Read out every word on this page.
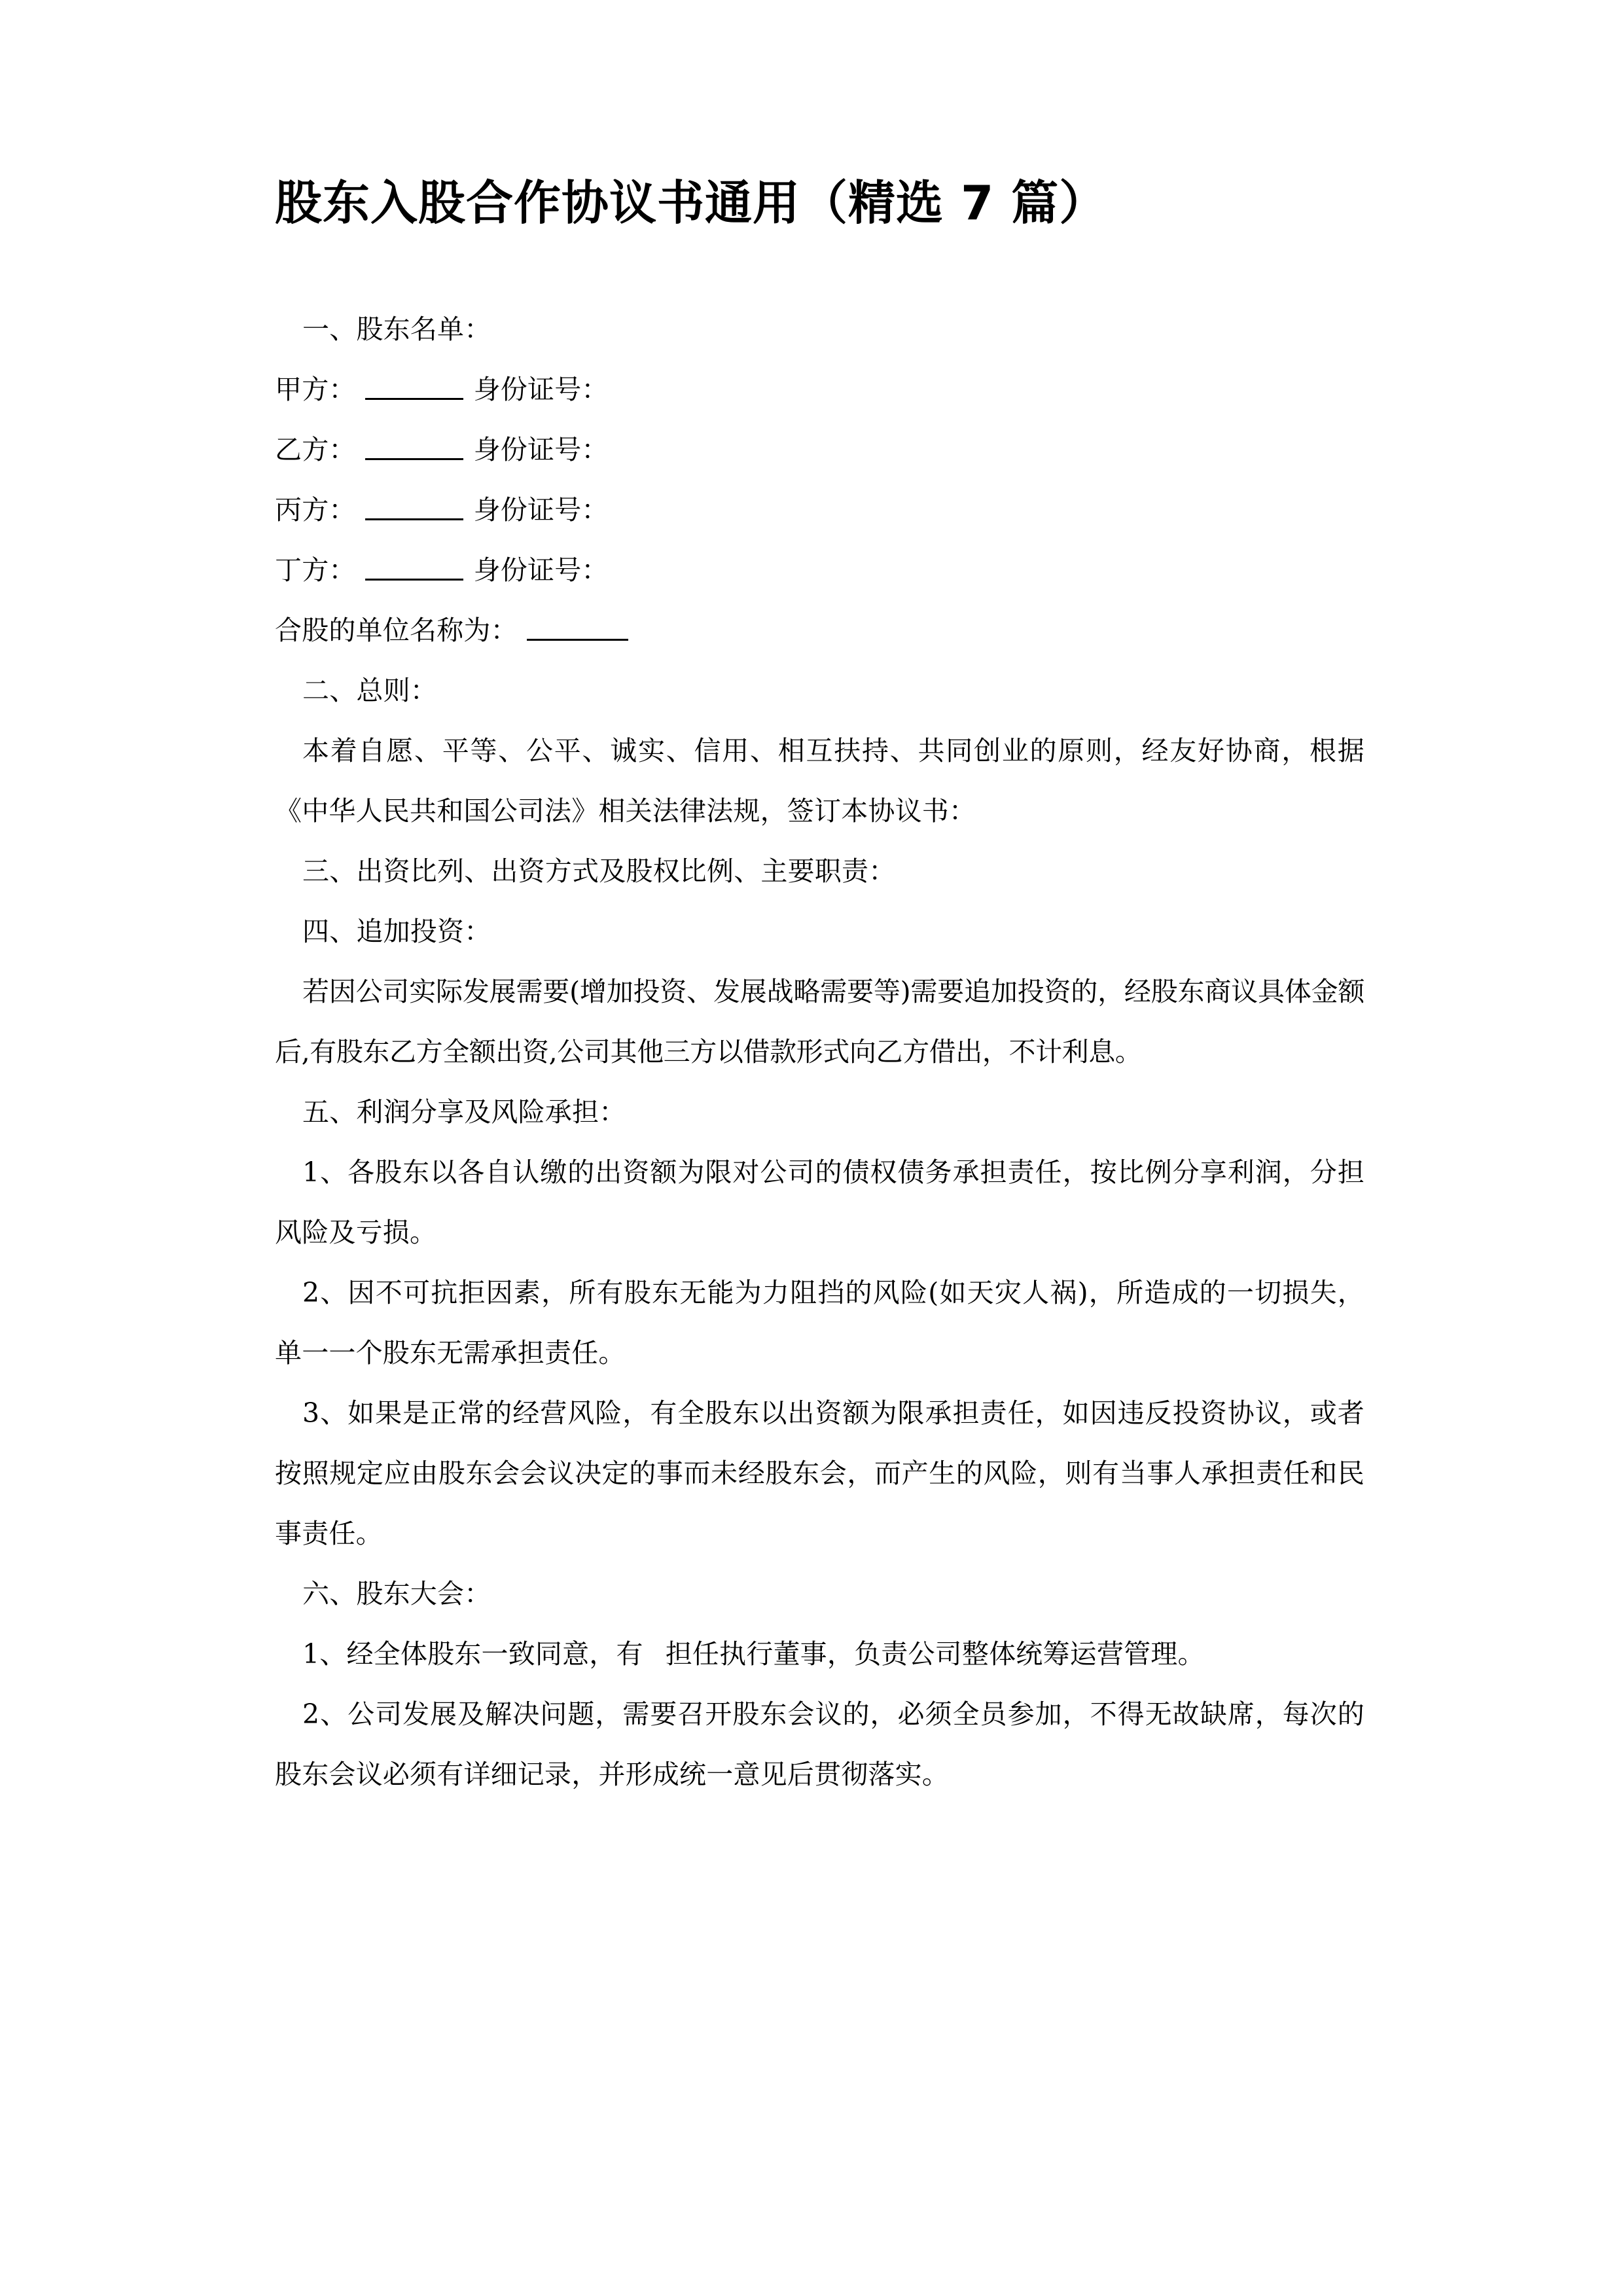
股东入股合作协议书通用（精选 7 篇）

一、股东名单：

甲方：	身份证号：

乙方：	身份证号：

丙方：	身份证号：

丁方：	身份证号：

合股的单位名称为：

二、总则：

本着自愿、平等、公平、诚实、信用、相互扶持、共同创业的原则，经友好协商，根据《中华人民共和国公司法》相关法律法规，签订本协议书：

三、出资比列、出资方式及股权比例、主要职责：

四、追加投资：

若因公司实际发展需要(增加投资、发展战略需要等)需要追加投资的，经股东商议具体金额后,有股东乙方全额出资,公司其他三方以借款形式向乙方借出，不计利息。

五、利润分享及风险承担：

1、各股东以各自认缴的出资额为限对公司的债权债务承担责任，按比例分享利润，分担风险及亏损。

2、因不可抗拒因素，所有股东无能为力阻挡的风险(如天灾人祸)，所造成的一切损失，单一一个股东无需承担责任。

3、如果是正常的经营风险，有全股东以出资额为限承担责任，如因违反投资协议，或者按照规定应由股东会会议决定的事而未经股东会，而产生的风险，则有当事人承担责任和民事责任。

六、股东大会：

1、经全体股东一致同意，有 担任执行董事，负责公司整体统筹运营管理。

2、公司发展及解决问题，需要召开股东会议的，必须全员参加，不得无故缺席，每次的股东会议必须有详细记录，并形成统一意见后贯彻落实。
